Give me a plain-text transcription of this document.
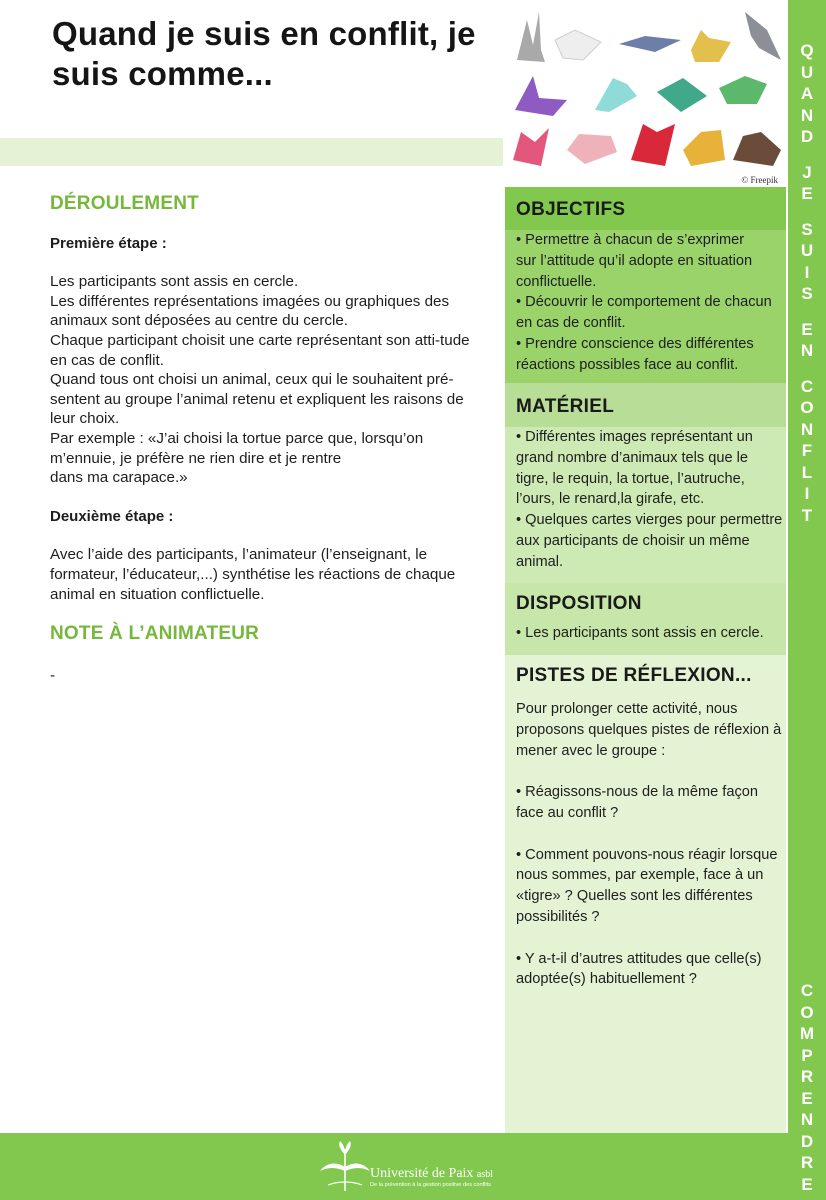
Quand je suis en conflit, je suis comme...
© Freepik
Q
U
A
N
D
J
E
S
U
I
S
E
N
C
O
N
F
L
I
T
C
O
M
P
R
E
N
D
R
E
DÉROULEMENT
Première étape :
Les participants sont assis en cercle.
Les différentes représentations imagées ou graphiques des animaux sont déposées au centre du cercle.
Chaque participant choisit une carte représentant son atti-tude en cas de conflit.
Quand tous ont choisi un animal, ceux qui le souhaitent pré-sentent au groupe l’animal retenu et expliquent les raisons de leur choix.
Par exemple : «J’ai choisi la tortue parce que, lorsqu’on m’ennuie, je préfère ne rien dire et je rentre
dans ma carapace.»
Deuxième étape :
Avec l’aide des participants, l’animateur (l’enseignant, le formateur, l’éducateur,...) synthétise les réactions de chaque animal en situation conflictuelle.
NOTE À L’ANIMATEUR
-
OBJECTIFS
• Permettre à chacun de s’exprimer
sur l’attitude qu’il adopte en situation conflictuelle.
• Découvrir le comportement de chacun en cas de conflit.
• Prendre conscience des différentes réactions possibles face au conflit.
MATÉRIEL
• Différentes images représentant un grand nombre d’animaux tels que le tigre, le requin, la tortue, l’autruche, l’ours, le renard,la girafe, etc.
• Quelques cartes vierges pour permettre aux participants de choisir un même animal.
DISPOSITION
• Les participants sont assis en cercle.
PISTES DE RÉFLEXION...
Pour prolonger cette activité, nous proposons quelques pistes de réflexion à mener avec le groupe :
• Réagissons-nous de la même façon face au conflit ?
• Comment pouvons-nous réagir lorsque nous sommes, par exemple, face à un «tigre» ? Quelles sont les différentes possibilités ?
• Y a-t-il d’autres attitudes que celle(s) adoptée(s) habituellement ?
Université de Paix asbl
De la prévention à la gestion positive des conflits
